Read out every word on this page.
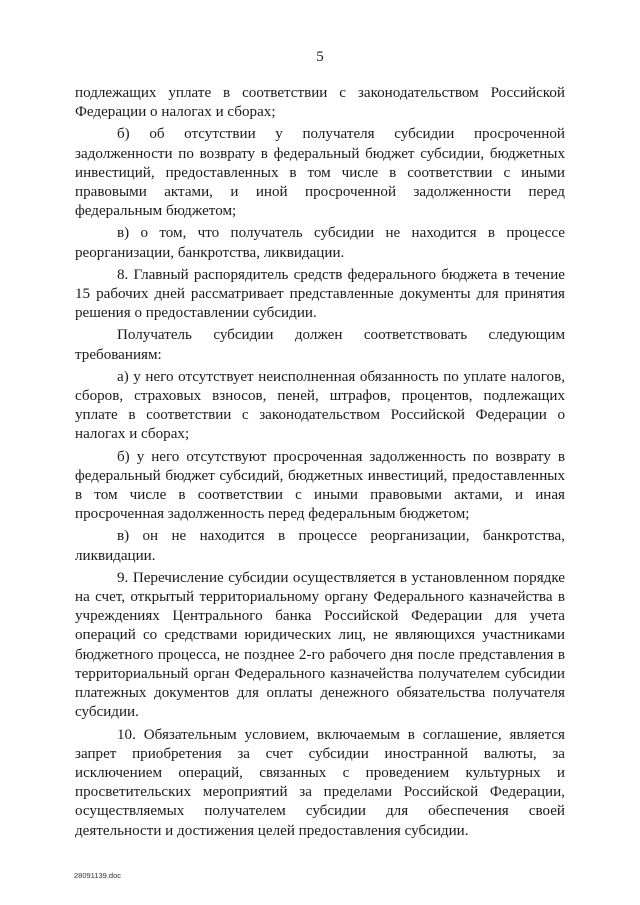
5

подлежащих уплате в соответствии с законодательством Российской Федерации о налогах и сборах;

б) об отсутствии у получателя субсидии просроченной задолженности по возврату в федеральный бюджет субсидии, бюджетных инвестиций, предоставленных в том числе в соответствии с иными правовыми актами, и иной просроченной задолженности перед федеральным бюджетом;

в) о том, что получатель субсидии не находится в процессе реорганизации, банкротства, ликвидации.

8. Главный распорядитель средств федерального бюджета в течение 15 рабочих дней рассматривает представленные документы для принятия решения о предоставлении субсидии.

Получатель субсидии должен соответствовать следующим требованиям:

а) у него отсутствует неисполненная обязанность по уплате налогов, сборов, страховых взносов, пеней, штрафов, процентов, подлежащих уплате в соответствии с законодательством Российской Федерации о налогах и сборах;

б) у него отсутствуют просроченная задолженность по возврату в федеральный бюджет субсидий, бюджетных инвестиций, предоставленных в том числе в соответствии с иными правовыми актами, и иная просроченная задолженность перед федеральным бюджетом;

в) он не находится в процессе реорганизации, банкротства, ликвидации.

9. Перечисление субсидии осуществляется в установленном порядке на счет, открытый территориальному органу Федерального казначейства в учреждениях Центрального банка Российской Федерации для учета операций со средствами юридических лиц, не являющихся участниками бюджетного процесса, не позднее 2-го рабочего дня после представления в территориальный орган Федерального казначейства получателем субсидии платежных документов для оплаты денежного обязательства получателя субсидии.

10. Обязательным условием, включаемым в соглашение, является запрет приобретения за счет субсидии иностранной валюты, за исключением операций, связанных с проведением культурных и просветительских мероприятий за пределами Российской Федерации, осуществляемых получателем субсидии для обеспечения своей деятельности и достижения целей предоставления субсидии.

28091139.doc
